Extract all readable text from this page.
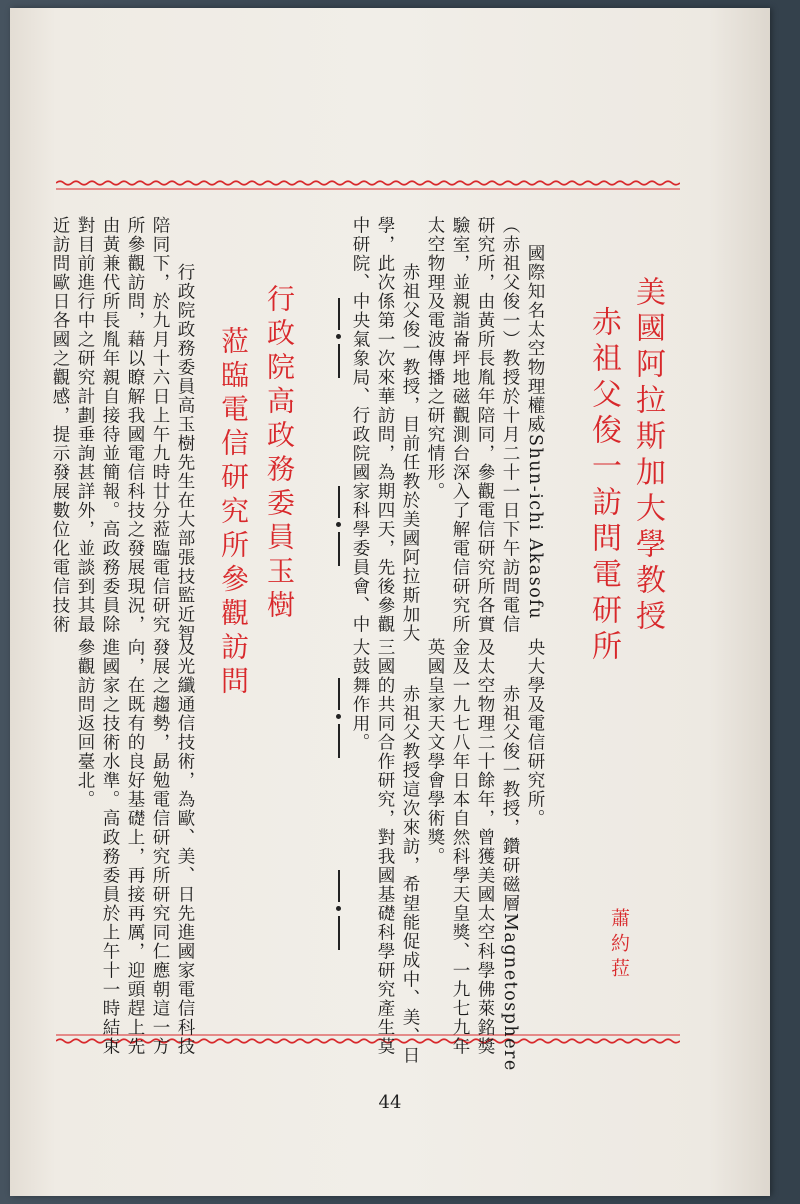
美國阿拉斯加大學教授
赤祖父俊一訪問電研所
蕭約菈
國際知名太空物理權威Shun-ichi Akasofu
（赤祖父俊一）教授於十月二十一日下午訪問電信
研究所，由黃所長胤年陪同，參觀電信研究所各實
驗室，並親詣崙坪地磁觀測台深入了解電信研究所
太空物理及電波傳播之研究情形。
　赤祖父俊一教授，目前任教於美國阿拉斯加大
學，此次係第一次來華訪問，為期四天，先後參觀
中研院、中央氣象局、行政院國家科學委員會、中
央大學及電信研究所。
　赤祖父俊一教授，鑽研磁層Magnetosphere
及太空物理二十餘年，曾獲美國太空科學佛萊銘獎
金及一九七八年日本自然科學天皇獎、一九七九年
英國皇家天文學會學術獎。
　赤祖父教授這次來訪，希望能促成中、美、日
三國的共同合作研究，對我國基礎科學研究產生莫
大鼓舞作用。
行政院高政務委員玉樹
蒞臨電信研究所參觀訪問
　行政院政務委員高玉樹先生在大部張技監近智
陪同下，於九月十六日上午九時廿分蒞臨電信研究
所參觀訪問，藉以瞭解我國電信科技之發展現況，
由黃兼代所長胤年親自接待並簡報。高政務委員除
對目前進行中之研究計劃垂詢甚詳外，並談到其最
近訪問歐日各國之觀感，提示發展數位化電信技術
及光纖通信技術，為歐、美、日先進國家電信科技
發展之趨勢，勗勉電信研究所研究同仁應朝這一方
向，在既有的良好基礎上，再接再厲，迎頭趕上先
進國家之技術水準。高政務委員於上午十一時結束
參觀訪問返回臺北。
44
